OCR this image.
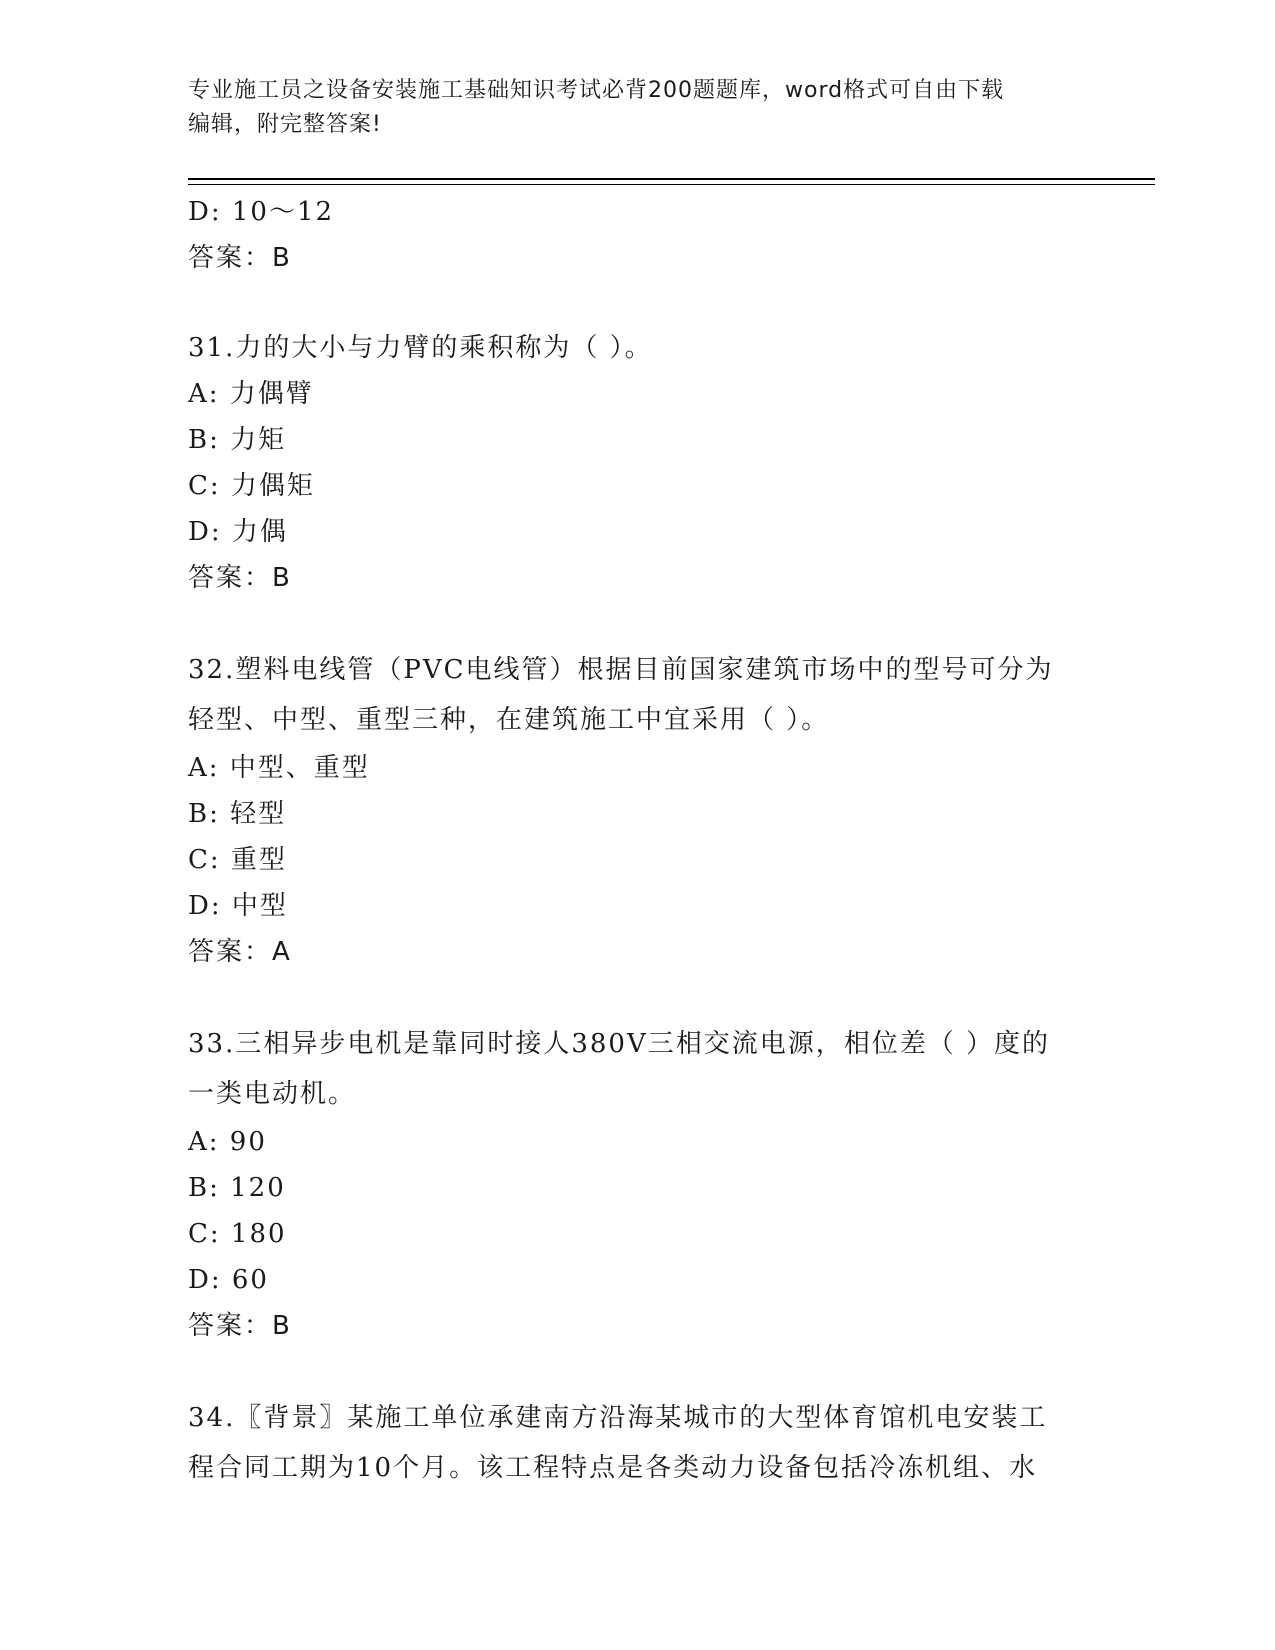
专业施工员之设备安装施工基础知识考试必背200题题库，word格式可自由下载
编辑，附完整答案!
D: 10～12
答案：B
31.力的大小与力臂的乘积称为（ ）。
A: 力偶臂
B: 力矩
C: 力偶矩
D: 力偶
答案：B
32.塑料电线管（PVC电线管）根据目前国家建筑市场中的型号可分为
轻型、中型、重型三种，在建筑施工中宜采用（ ）。
A: 中型、重型
B: 轻型
C: 重型
D: 中型
答案：A
33.三相异步电机是靠同时接人380V三相交流电源，相位差（ ）度的
一类电动机。
A: 90
B: 120
C: 180
D: 60
答案：B
34.〖背景〗某施工单位承建南方沿海某城市的大型体育馆机电安装工
程合同工期为10个月。该工程特点是各类动力设备包括冷冻机组、水
